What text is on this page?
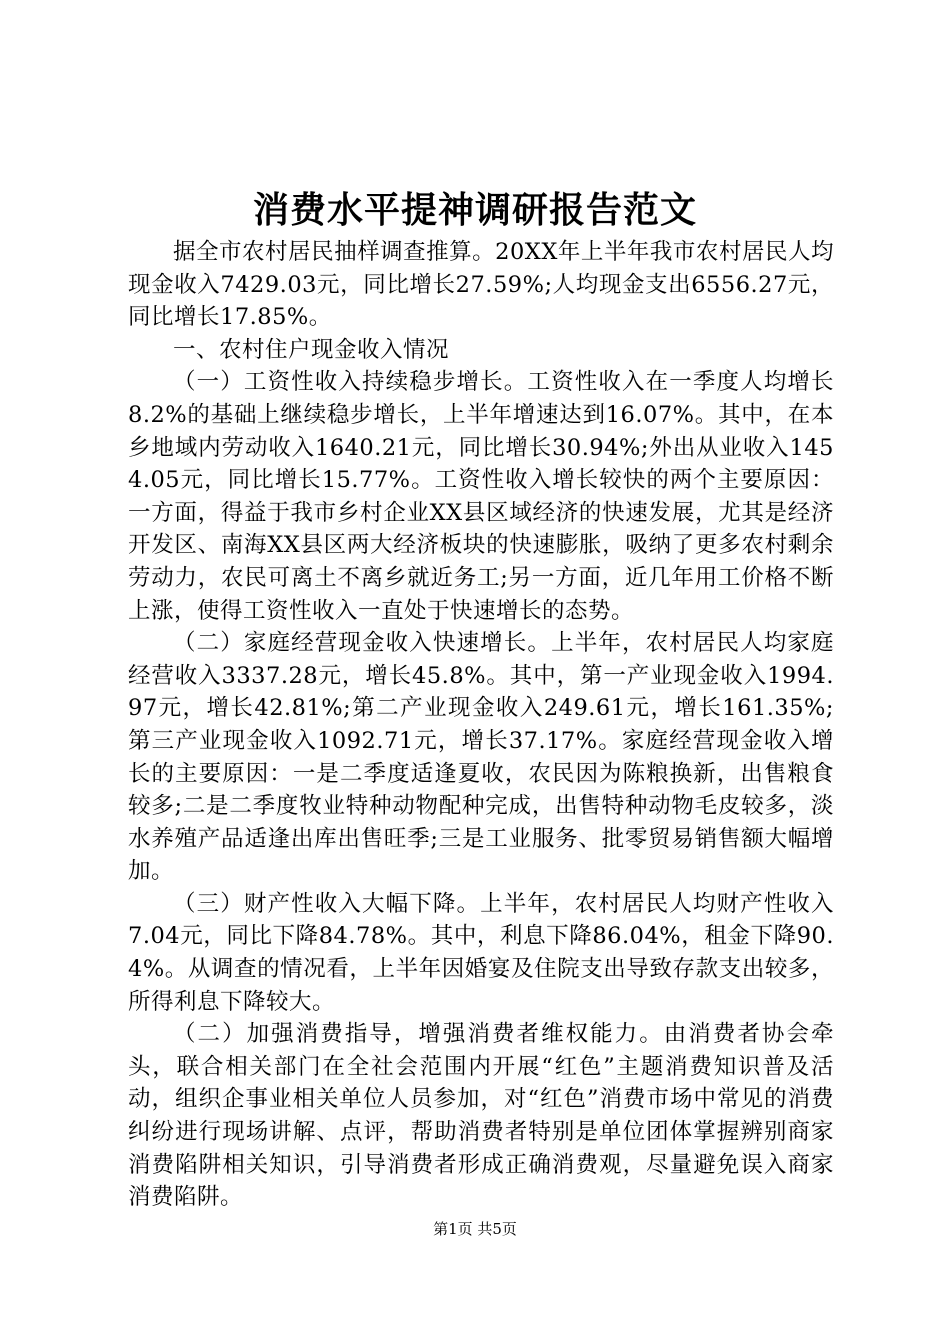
消费水平提神调研报告范文

据全市农村居民抽样调查推算。20XX年上半年我市农村居民人均现金收入7429.03元，同比增长27.59%;人均现金支出6556.27元，同比增长17.85%。

一、农村住户现金收入情况

（一）工资性收入持续稳步增长。工资性收入在一季度人均增长8.2%的基础上继续稳步增长，上半年增速达到16.07%。其中，在本乡地域内劳动收入1640.21元，同比增长30.94%;外出从业收入1454.05元，同比增长15.77%。工资性收入增长较快的两个主要原因：一方面，得益于我市乡村企业XX县区域经济的快速发展，尤其是经济开发区、南海XX县区两大经济板块的快速膨胀，吸纳了更多农村剩余劳动力，农民可离土不离乡就近务工;另一方面，近几年用工价格不断上涨，使得工资性收入一直处于快速增长的态势。

（二）家庭经营现金收入快速增长。上半年，农村居民人均家庭经营收入3337.28元，增长45.8%。其中，第一产业现金收入1994.97元，增长42.81%;第二产业现金收入249.61元，增长161.35%;第三产业现金收入1092.71元，增长37.17%。家庭经营现金收入增长的主要原因：一是二季度适逢夏收，农民因为陈粮换新，出售粮食较多;二是二季度牧业特种动物配种完成，出售特种动物毛皮较多，淡水养殖产品适逢出库出售旺季;三是工业服务、批零贸易销售额大幅增加。

（三）财产性收入大幅下降。上半年，农村居民人均财产性收入7.04元，同比下降84.78%。其中，利息下降86.04%，租金下降90.4%。从调查的情况看，上半年因婚宴及住院支出导致存款支出较多，所得利息下降较大。

（二）加强消费指导，增强消费者维权能力。由消费者协会牵头，联合相关部门在全社会范围内开展“红色”主题消费知识普及活动，组织企事业相关单位人员参加，对“红色”消费市场中常见的消费纠纷进行现场讲解、点评，帮助消费者特别是单位团体掌握辨别商家消费陷阱相关知识，引导消费者形成正确消费观，尽量避免误入商家消费陷阱。

第1页 共5页
